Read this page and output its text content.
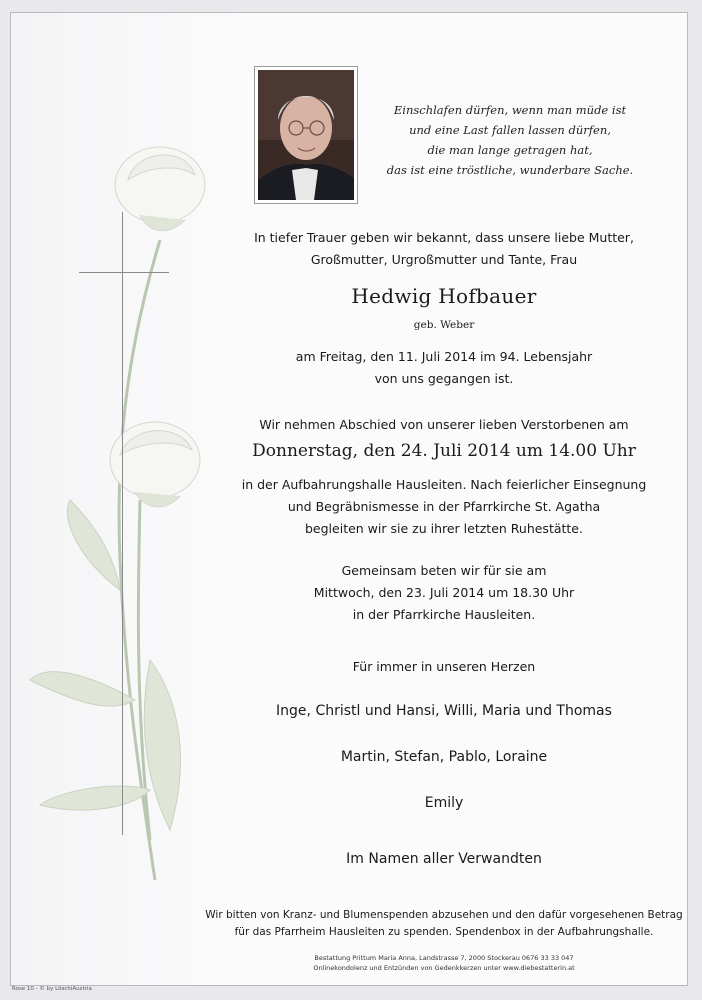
Einschlafen dürfen, wenn man müde ist
und eine Last fallen lassen dürfen,
die man lange getragen hat,
das ist eine tröstliche, wunderbare Sache.
In tiefer Trauer geben wir bekannt, dass unsere liebe Mutter,
Großmutter, Urgroßmutter und Tante, Frau
Hedwig Hofbauer
geb. Weber
am Freitag, den 11. Juli 2014 im 94. Lebensjahr
von uns gegangen ist.
Wir nehmen Abschied von unserer lieben Verstorbenen am
Donnerstag, den 24. Juli 2014 um 14.00 Uhr
in der Aufbahrungshalle Hausleiten. Nach feierlicher Einsegnung
und Begräbnismesse in der Pfarrkirche St. Agatha
begleiten wir sie zu ihrer letzten Ruhestätte.
Gemeinsam beten wir für sie am
Mittwoch, den 23. Juli 2014 um 18.30 Uhr
in der Pfarrkirche Hausleiten.
Für immer in unseren Herzen
Inge, Christl und Hansi, Willi, Maria und Thomas
Martin, Stefan, Pablo, Loraine
Emily
Im Namen aller Verwandten
Wir bitten von Kranz- und Blumenspenden abzusehen und den dafür vorgesehenen Betrag
für das Pfarrheim Hausleiten zu spenden. Spendenbox in der Aufbahrungshalle.
Bestattung Prittum Maria Anna, Landstrasse 7, 2000 Stockerau 0676 33 33 047
Onlinekondolenz und Entzünden von Gedenkkerzen unter www.diebestatterin.at
Rose 10 - © by LöschiAustria
